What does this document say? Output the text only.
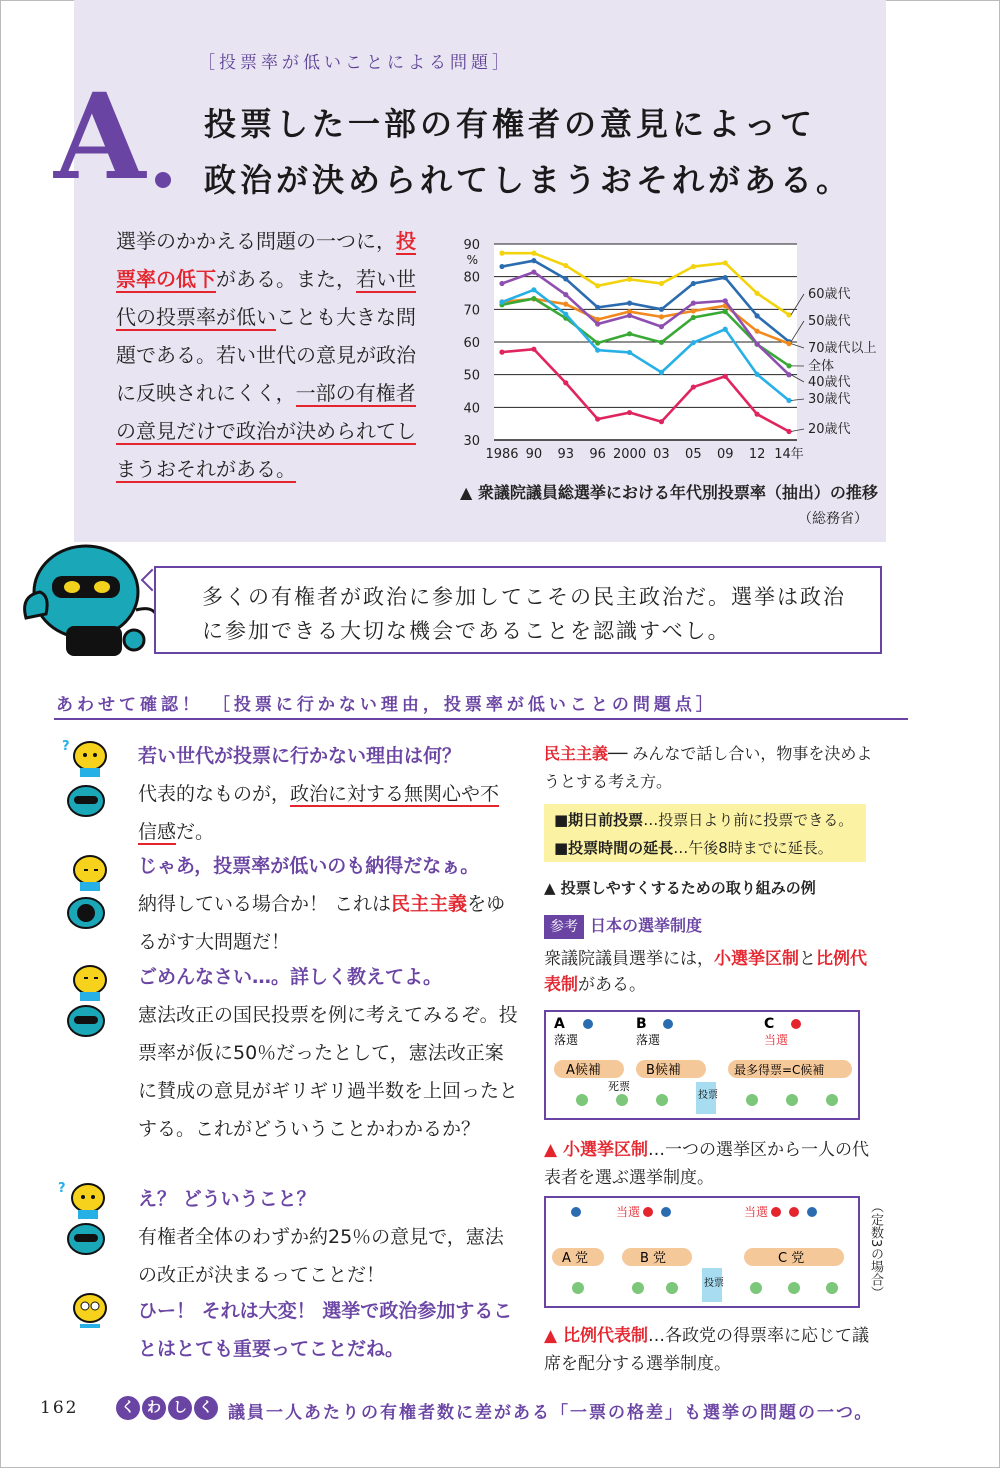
［投票率が低いことによる問題］
A 投票した一部の有権者の意見によって
政治が決められてしまうおそれがある。
選挙のかかえる問題の一つに，投票率の低下がある。また，若い世代の投票率が低いことも大きな問題である。若い世代の意見が政治に反映されにくく，一部の有権者の意見だけで政治が決められてしまうおそれがある。
30
40
50
60
70
80
90
%
1986 90 93 96 2000 03 05 09 12 14年
60歳代
50歳代
70歳代以上
全体
40歳代
30歳代
20歳代
▲ 衆議院議員総選挙における年代別投票率（抽出）の推移
（総務省）
多くの有権者が政治に参加してこその民主政治だ。選挙は政治に参加できる大切な機会であることを認識すべし。
あわせて確認！ ［投票に行かない理由，投票率が低いことの問題点］
?
?
若い世代が投票に行かない理由は何？
代表的なものが，政治に対する無関心や不信感だ。
じゃあ，投票率が低いのも納得だなぁ。
納得している場合か！ これは民主主義をゆるがす大問題だ！
ごめんなさい…。詳しく教えてよ。
憲法改正の国民投票を例に考えてみるぞ。投票率が仮に50％だったとして，憲法改正案に賛成の意見がギリギリ過半数を上回ったとする。これがどういうことかわかるか？
え？ どういうこと？
有権者全体のわずか約25％の意見で，憲法の改正が決まるってことだ！
ひー！ それは大変！ 選挙で政治参加することはとても重要ってことだね。
民主主義── みんなで話し合い，物事を決めようとする考え方。
■期日前投票…投票日より前に投票できる。
■投票時間の延長…午後8時までに延長。
▲ 投票しやすくするための取り組みの例
参考 日本の選挙制度
衆議院議員選挙には，小選挙区制と比例代表制がある。
A	B	C
落選	落選	当選
A候補	B候補	最多得票=C候補
死票
投票
▲ 小選挙区制…一つの選挙区から一人の代表者を選ぶ選挙制度。
当選	当選
A 党	B 党	C 党
投票	（定数3の場合）
▲ 比例代表制…各政党の得票率に応じて議席を配分する選挙制度。
162	く わ し く 議員一人あたりの有権者数に差がある「一票の格差」も選挙の問題の一つ。
